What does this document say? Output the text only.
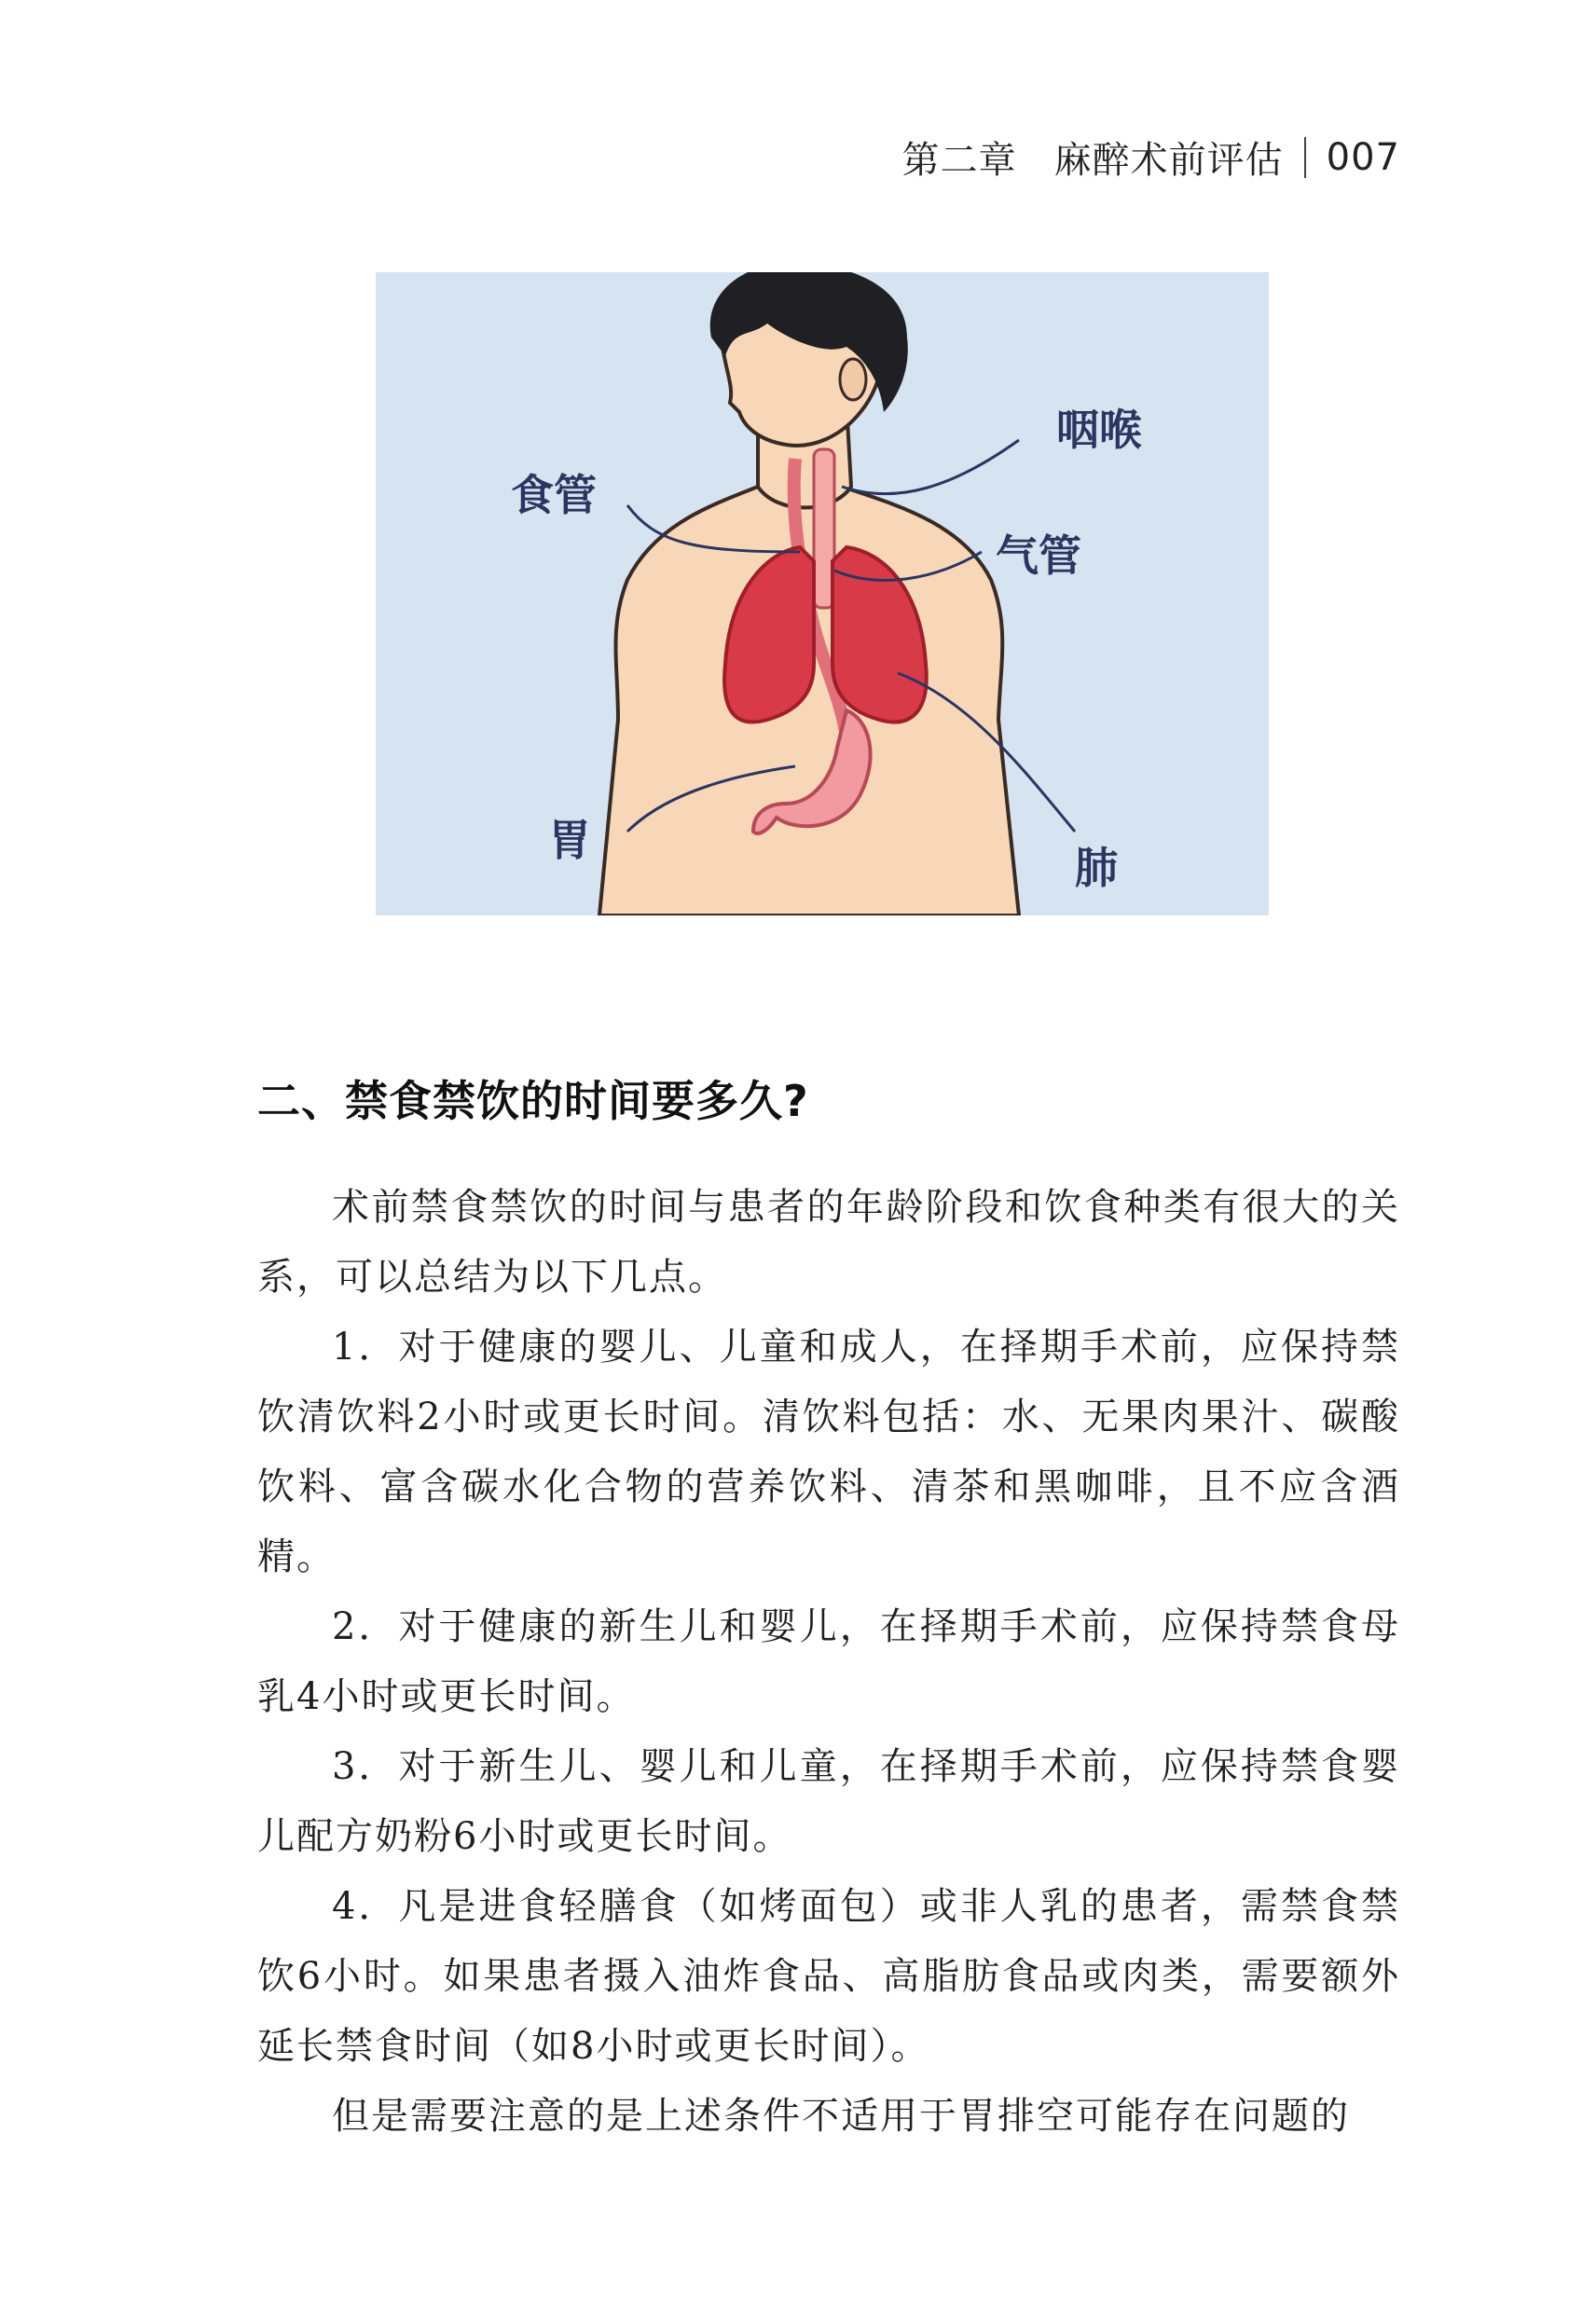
第二章 麻醉术前评估 007
食管
咽喉
气管
胃
肺
二、禁食禁饮的时间要多久?

术前禁食禁饮的时间与患者的年龄阶段和饮食种类有很大的关系，可以总结为以下几点。

1．对于健康的婴儿、儿童和成人，在择期手术前，应保持禁饮清饮料2小时或更长时间。清饮料包括：水、无果肉果汁、碳酸饮料、富含碳水化合物的营养饮料、清茶和黑咖啡，且不应含酒精。

2．对于健康的新生儿和婴儿，在择期手术前，应保持禁食母乳4小时或更长时间。

3．对于新生儿、婴儿和儿童，在择期手术前，应保持禁食婴儿配方奶粉6小时或更长时间。

4．凡是进食轻膳食（如烤面包）或非人乳的患者，需禁食禁饮6小时。如果患者摄入油炸食品、高脂肪食品或肉类，需要额外延长禁食时间（如8小时或更长时间）。

但是需要注意的是上述条件不适用于胃排空可能存在问题的
